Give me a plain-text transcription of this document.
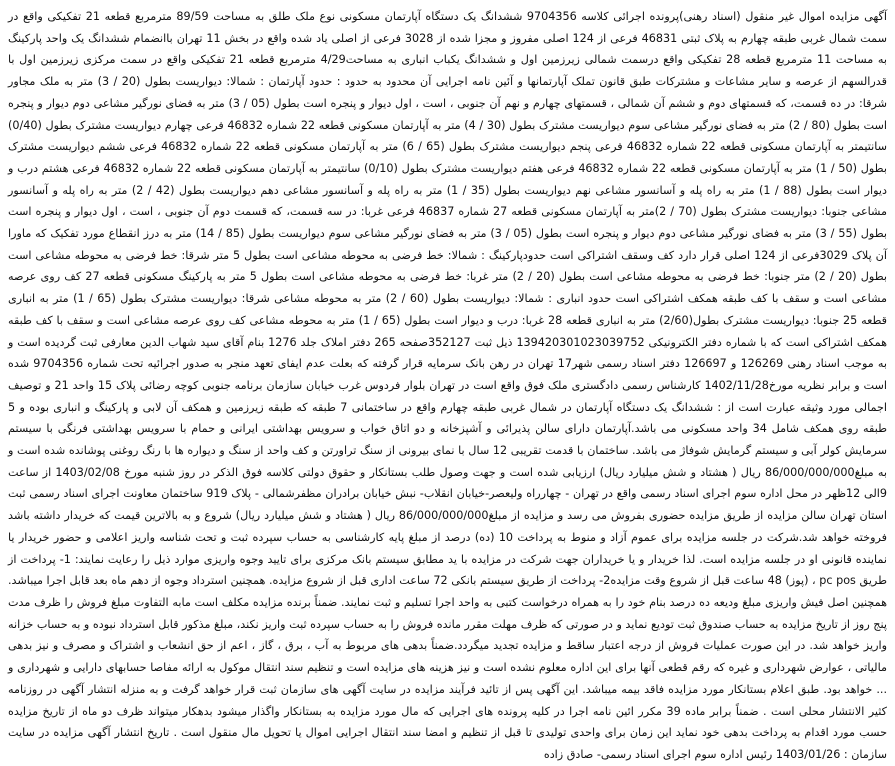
آگهی مزایده اموال غیر منقول (اسناد رهنی)پرونده اجرائی کلاسه 9704356 ششدانگ یک دستگاه آپارتمان مسکونی نوع ملک طلق به مساحت 89/59 مترمربع قطعه 21 تفکیکی واقع در سمت شمال غربی طبقه چهارم به پلاک ثبتی 46831 فرعی از 124 اصلی مفروز و مجزا شده از 3028 فرعی از اصلی یاد شده واقع در بخش 11 تهران باانضمام ششدانگ یک واحد پارکینگ به مساحت 11 مترمربع قطعه 28 تفکیکی واقع درسمت شمالی زیرزمین اول و ششدانگ یکباب انباری به مساحت4/29 مترمربع قطعه 21 تفکیکی واقع در سمت مرکزی زیرزمین اول با قدرالسهم از عرصه و سایر مشاعات و مشترکات طبق قانون تملک آپارتمانها و آئین نامه اجرایی آن محدود به حدود : حدود آپارتمان : شمالا: دیواریست بطول (20 / 3) متر به ملک مجاور شرقا: در ده قسمت، که قسمتهای دوم و ششم آن شمالی ، قسمتهای چهارم و نهم آن جنوبی ، است ، اول دیوار و پنجره است بطول (05 / 3) متر به فضای نورگیر مشاعی دوم دیوار و پنجره است بطول (80 / 2) متر به فضای نورگیر مشاعی سوم دیواریست مشترک بطول (30 / 4) متر به آپارتمان مسکونی قطعه 22 شماره 46832 فرعی چهارم دیواریست مشترک بطول (0/40) سانتیمتر به آپارتمان مسکونی قطعه 22 شماره 46832 فرعی پنجم دیواریست مشترک بطول (65 / 6) متر به آپارتمان مسکونی قطعه 22 شماره 46832 فرعی ششم دیواریست مشترک بطول (50 / 1) متر به آپارتمان مسکونی قطعه 22 شماره 46832 فرعی هفتم دیواریست مشترک بطول (0/10) سانتیمتر به آپارتمان مسکونی قطعه 22 شماره 46832 فرعی هشتم درب و دیوار است بطول (88 / 1) متر به راه پله و آسانسور مشاعی نهم دیواریست بطول (35 / 1) متر به راه پله و آسانسور مشاعی دهم دیواریست بطول (42 / 2) متر به راه پله و آسانسور مشاعی جنوبا: دیواریست مشترک بطول (70 / 2)متر به آپارتمان مسکونی قطعه 27 شماره 46837 فرعی غربا: در سه قسمت، که قسمت دوم آن جنوبی ، است ، اول دیوار و پنجره است بطول (55 / 3) متر به فضای نورگیر مشاعی دوم دیوار و پنجره است بطول (05 / 3) متر به فضای نورگیر مشاعی سوم دیواریست بطول (85 / 14) متر به درز انقطاع مورد تفکیک که ماورا آن پلاک 3029فرعی از 124 اصلی قرار دارد کف وسقف اشتراکی است حدودپارکینگ : شمالا: خط فرضی به محوطه مشاعی است بطول 5 متر شرقا: خط فرضی به محوطه مشاعی است بطول (20 / 2) متر جنوبا: خط فرضی به محوطه مشاعی است بطول (20 / 2) متر غربا: خط فرضی به محوطه مشاعی است بطول 5 متر به پارکینگ مسکونی قطعه 27 کف روی عرصه مشاعی است و سقف با کف طبقه همکف اشتراکی است حدود انباری : شمالا: دیواریست بطول (60 / 2) متر به محوطه مشاعی شرقا: دیواریست مشترک بطول (65 / 1) متر به انباری قطعه 25 جنوبا: دیواریست مشترک بطول(2/60) متر به انباری قطعه 28 غربا: درب و دیوار است بطول (65 / 1) متر به محوطه مشاعی کف روی عرصه مشاعی است و سقف با کف طبقه همکف اشتراکی است که با شماره دفتر الکترونیکی 139420301023039752 ذیل ثبت 352127صفحه 265 دفتر املاک جلد 1276 بنام آقای سید شهاب الدین معارفی ثبت گردیده است و به موجب اسناد رهنی 126269 و 126697 دفتر اسناد رسمی شهر17 تهران در رهن بانک سرمایه قرار گرفته که بعلت عدم ایفای تعهد منجر به صدور اجرائیه تحت شماره 9704356 شده است و برابر نظریه مورخ1402/11/28 کارشناس رسمی دادگستری ملک فوق واقع است در تهران بلوار فردوس غرب خیابان سازمان برنامه جنوبی کوچه رضائی پلاک 15 واحد 21 و توصیف اجمالی مورد وثیقه عبارت است از : ششدانگ یک دستگاه آپارتمان در شمال غربی طبقه چهارم واقع در ساختمانی 7 طبقه که طبقه زیرزمین و همکف آن لابی و پارکینگ و انباری بوده و 5 طبقه روی همکف شامل 34 واحد مسکونی می باشد.آپارتمان دارای سالن پذیرائی و آشپزخانه و دو اتاق خواب و سرویس بهداشتی ایرانی و حمام با سرویس بهداشتی فرنگی با سیستم سرمایش کولر آبی و سیستم گرمایش شوفاژ می باشد. ساختمان با قدمت تقریبی 12 سال با نمای بیرونی از سنگ تراورتن و کف واحد از سنگ و دیواره ها با رنگ روغنی پوشانده شده است و به مبلغ86/000/000/000 ریال ( هشتاد و شش میلیارد ریال) ارزیابی شده است و جهت وصول طلب بستانکار و حقوق دولتی کلاسه فوق الذکر در روز شنبه مورخ 1403/02/08 از ساعت 9الی 12ظهر در محل اداره سوم اجرای اسناد رسمی واقع در تهران - چهارراه ولیعصر-خیابان انقلاب- نبش خیابان برادران مظفرشمالی - پلاک 919 ساختمان معاونت اجرای اسناد رسمی ثبت استان تهران سالن مزایده از طریق مزایده حضوری بفروش می رسد و مزایده از مبلغ86/000/000/000 ریال ( هشتاد و شش میلیارد ریال) شروع و به بالاترین قیمت که خریدار داشته باشد فروخته خواهد شد.شرکت در جلسه مزایده برای عموم آزاد و منوط به پرداخت 10 (ده) درصد از مبلغ پایه کارشناسی به حساب سپرده ثبت و تحت شناسه واریز اعلامی و حضور خریدار یا نماینده قانونی او در جلسه مزایده است. لذا خریدار و یا خریداران جهت شرکت در مزایده با ید مطابق سیستم بانک مرکزی برای تایید وجوه واریزی موارد ذیل را رعایت نمایند: 1- پرداخت از طریق pc pos ، (پوز) 48 ساعت قبل از شروع وقت مزایده2- پرداخت از طریق سیستم بانکی 72 ساعت اداری قبل از شروع مزایده. همچنین استرداد وجوه از دهم ماه بعد قابل اجرا میباشد. همچنین اصل فیش واریزی مبلغ ودیعه ده درصد بنام خود را به همراه درخواست کتبی به واحد اجرا تسلیم و ثبت نمایند. ضمناً برنده مزایده مکلف است مابه التفاوت مبلغ فروش را ظرف مدت پنج روز از تاریخ مزایده به حساب صندوق ثبت تودیع نماید و در صورتی که ظرف مهلت مقرر مانده فروش را به حساب سپرده ثبت واریز نکند، مبلغ مذکور قابل استرداد نبوده و به حساب خزانه واریز خواهد شد. در این صورت عملیات فروش از درجه اعتبار ساقط و مزایده تجدید میگردد.ضمناً بدهی های مربوط به آب ، برق ، گاز ، اعم از حق انشعاب و اشتراک و مصرف و نیز بدهی مالیاتی ، عوارض شهرداری و غیره که رقم قطعی آنها برای این اداره معلوم نشده است و نیز هزینه های مزایده است و تنظیم سند انتقال موکول به ارائه مفاصا حسابهای دارایی و شهرداری و ... خواهد بود. طبق اعلام بستانکار مورد مزایده فاقد بیمه میباشد. این آگهی پس از تائید فرآیند مزایده در سایت آگهی های سازمان ثبت قرار خواهد گرفت و به منزله انتشار آگهی در روزنامه کثیر الانتشار محلی است . ضمناً برابر ماده 39 مکرر ائین نامه اجرا در کلیه پرونده های اجرایی که مال مورد مزایده به بستانکار واگذار میشود بدهکار میتواند ظرف دو ماه از تاریخ مزایده حسب مورد اقدام به پرداخت بدهی خود نماید این زمان برای واحدی تولیدی تا قبل از تنظیم و امضا سند انتقال اجرایی اموال یا تحویل مال منقول است . تاریخ انتشار آگهی مزایده در سایت سازمان : 1403/01/26 رئیس اداره سوم اجرای اسناد رسمی- صادق زاده
